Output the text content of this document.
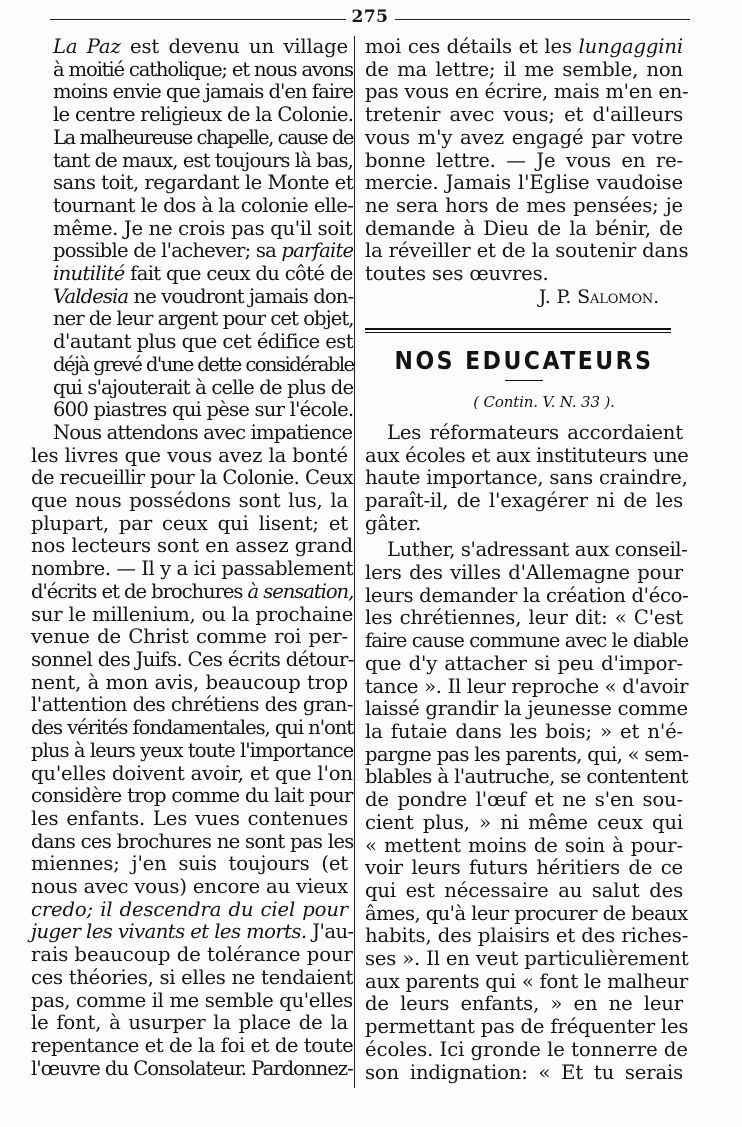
275

La Paz est devenu un village
à moitié catholique; et nous avons
moins envie que jamais d'en faire
le centre religieux de la Colonie.
La malheureuse chapelle, cause de
tant de maux, est toujours là bas,
sans toit, regardant le Monte et
tournant le dos à la colonie elle-
même. Je ne crois pas qu'il soit
possible de l'achever; sa parfaite
inutilité fait que ceux du côté de
Valdesia ne voudront jamais don-
ner de leur argent pour cet objet,
d'autant plus que cet édifice est
déjà grevé d'une dette considérable
qui s'ajouterait à celle de plus de
600 piastres qui pèse sur l'école.

Nous attendons avec impatience
les livres que vous avez la bonté
de recueillir pour la Colonie. Ceux
que nous possédons sont lus, la
plupart, par ceux qui lisent; et
nos lecteurs sont en assez grand
nombre. — Il y a ici passablement
d'écrits et de brochures à sensation,
sur le millenium, ou la prochaine
venue de Christ comme roi per-
sonnel des Juifs. Ces écrits détour-
nent, à mon avis, beaucoup trop
l'attention des chrétiens des gran-
des vérités fondamentales, qui n'ont
plus à leurs yeux toute l'importance
qu'elles doivent avoir, et que l'on
considère trop comme du lait pour
les enfants. Les vues contenues
dans ces brochures ne sont pas les
miennes; j'en suis toujours (et
nous avec vous) encore au vieux
credo; il descendra du ciel pour
juger les vivants et les morts. J'au-
rais beaucoup de tolérance pour
ces théories, si elles ne tendaient
pas, comme il me semble qu'elles
le font, à usurper la place de la
repentance et de la foi et de toute
l'œuvre du Consolateur. Pardonnez-

moi ces détails et les lungaggini
de ma lettre; il me semble, non
pas vous en écrire, mais m'en en-
tretenir avec vous; et d'ailleurs
vous m'y avez engagé par votre
bonne lettre. — Je vous en re-
mercie. Jamais l'Eglise vaudoise
ne sera hors de mes pensées; je
demande à Dieu de la bénir, de
la réveiller et de la soutenir dans
toutes ses œuvres.

J. P. Salomon.
NOS EDUCATEURS
( Contin. V. N. 33 ).

Les réformateurs accordaient
aux écoles et aux instituteurs une
haute importance, sans craindre,
paraît-il, de l'exagérer ni de les
gâter.

Luther, s'adressant aux conseil-
lers des villes d'Allemagne pour
leurs demander la création d'éco-
les chrétiennes, leur dit: « C'est
faire cause commune avec le diable
que d'y attacher si peu d'impor-
tance ». Il leur reproche « d'avoir
laissé grandir la jeunesse comme
la futaie dans les bois; » et n'é-
pargne pas les parents, qui, « sem-
blables à l'autruche, se contentent
de pondre l'œuf et ne s'en sou-
cient plus, » ni même ceux qui
« mettent moins de soin à pour-
voir leurs futurs héritiers de ce
qui est nécessaire au salut des
âmes, qu'à leur procurer de beaux
habits, des plaisirs et des riches-
ses ». Il en veut particulièrement
aux parents qui « font le malheur
de leurs enfants, » en ne leur
permettant pas de fréquenter les
écoles. Ici gronde le tonnerre de
son indignation: « Et tu serais
